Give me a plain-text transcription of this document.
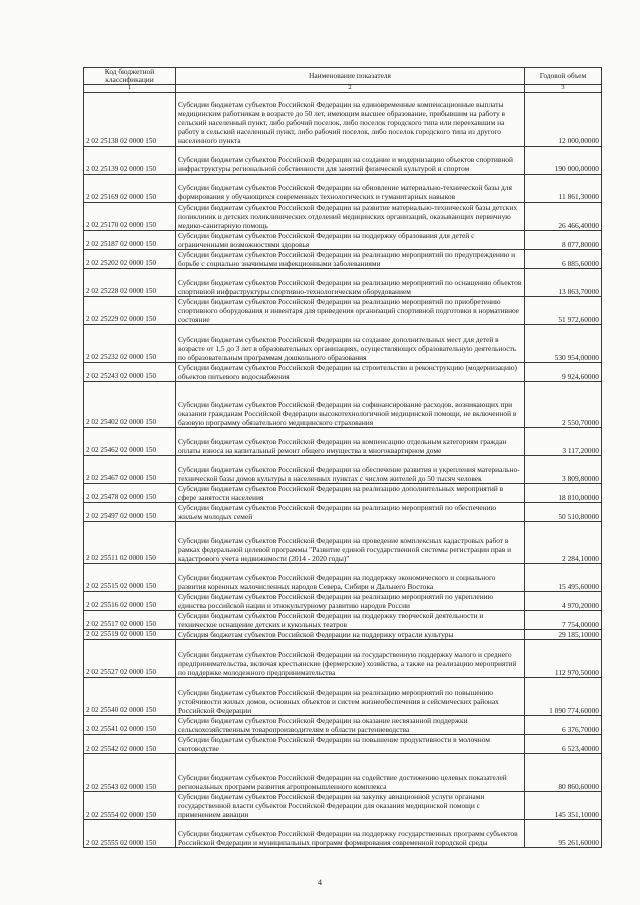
Код бюджетной классификации	Наименование показателя	Годовой объем
1	2	3
2 02 25138 02 0000 150	Субсидии бюджетам субъектов Российской Федерации на единовременные компенсационные выплаты медицинским работникам в возрасте до 50 лет, имеющим высшее образование, прибывшим на работу в сельский населенный пункт, либо рабочий поселок, либо поселок городского типа или переехавшим на работу в сельский населенный пункт, либо рабочий поселок, либо поселок городского типа из другого населенного пункта	12 000,00000
2 02 25139 02 0000 150	Субсидии бюджетам субъектов Российской Федерации на создание и модернизацию объектов спортивной инфраструктуры региональной собственности для занятий физической культурой и спортом	190 000,00000
2 02 25169 02 0000 150	Субсидии бюджетам субъектов Российской Федерации на обновление материально-технической базы для формирования у обучающихся современных технологических и гуманитарных навыков	11 861,30000
2 02 25170 02 0000 150	Субсидии бюджетам субъектов Российской Федерации на развитие материально-технической базы детских поликлиник и детских поликлинических отделений медицинских организаций, оказывающих первичную медико-санитарную помощь	26 466,40000
2 02 25187 02 0000 150	Субсидии бюджетам субъектов Российской Федерации на поддержку образования для детей с ограниченными возможностями здоровья	8 077,80000
2 02 25202 02 0000 150	Субсидии бюджетам субъектов Российской Федерации на реализацию мероприятий по предупреждению и борьбе с социально значимыми инфекционными заболеваниями	6 885,60000
2 02 25228 02 0000 150	Субсидии бюджетам субъектов Российской Федерации на реализацию мероприятий по оснащению объектов спортивной инфраструктуры спортивно-технологическим оборудованием	13 863,70000
2 02 25229 02 0000 150	Субсидии бюджетам субъектов Российской Федерации на реализацию мероприятий по приобретению спортивного оборудования и инвентаря для приведения организаций спортивной подготовки в нормативное состояние	51 972,60000
2 02 25232 02 0000 150	Субсидии бюджетам субъектов Российской Федерации на создание дополнительных мест для детей в возрасте от 1,5 до 3 лет в образовательных организациях, осуществляющих образовательную деятельность по образовательным программам дошкольного образования	530 954,00000
2 02 25243 02 0000 150	Субсидии бюджетам субъектов Российской Федерации на строительство и реконструкцию (модернизацию) объектов питьевого водоснабжения	9 924,60000
2 02 25402 02 0000 150	Субсидии бюджетам субъектов Российской Федерации на софинансирование расходов, возникающих при оказании гражданам Российской Федерации высокотехнологичной медицинской помощи, не включенной в базовую программу обязательного медицинского страхования	2 550,70000
2 02 25462 02 0000 150	Субсидии бюджетам субъектов Российской Федерации на компенсацию отдельным категориям граждан оплаты взноса на капитальный ремонт общего имущества в многоквартирном доме	3 117,20000
2 02 25467 02 0000 150	Субсидии бюджетам субъектов Российской Федерации на обеспечение развития и укрепления материально-технической базы домов культуры в населенных пунктах с числом жителей до 50 тысяч человек	3 809,80000
2 02 25478 02 0000 150	Субсидии бюджетам субъектов Российской Федерации на реализацию дополнительных мероприятий в сфере занятости населения	18 810,00000
2 02 25497 02 0000 150	Субсидии бюджетам субъектов Российской Федерации на реализацию мероприятий по обеспечению жильем молодых семей	50 510,80000
2 02 25511 02 0000 150	Субсидии бюджетам субъектов Российской Федерации на проведение комплексных кадастровых работ в рамках федеральной целевой программы "Развитие единой государственной системы регистрации прав и кадастрового учета недвижимости (2014 - 2020 годы)"	2 284,10000
2 02 25515 02 0000 150	Субсидии бюджетам субъектов Российской Федерации на поддержку экономического и социального развития коренных малочисленных народов Севера, Сибири и Дальнего Востока	15 495,60000
2 02 25516 02 0000 150	Субсидии бюджетам субъектов Российской Федерации на реализацию мероприятий по укреплению единства российской нации и этнокультурному развитию народов России	4 970,20000
2 02 25517 02 0000 150	Субсидии бюджетам субъектов Российской Федерации на поддержку творческой деятельности и техническое оснащение детских и кукольных театров	7 754,00000
2 02 25519 02 0000 150	Субсидия бюджетам субъектов Российской Федерации на поддержку отрасли культуры	29 185,10000
2 02 25527 02 0000 150	Субсидии бюджетам субъектов Российской Федерации на государственную поддержку малого и среднего предпринимательства, включая крестьянские (фермерские) хозяйства, а также на реализацию мероприятий по поддержке молодежного предпринимательства	112 970,50000
2 02 25540 02 0000 150	Субсидии бюджетам субъектов Российской Федерации на реализацию мероприятий по повышению устойчивости жилых домов, основных объектов и систем жизнеобеспечения в сейсмических районах Российской Федерации	1 090 774,60000
2 02 25541 02 0000 150	Субсидии бюджетам субъектов Российской Федерации на оказание несвязанной поддержки сельскохозяйственным товаропроизводителям в области растениеводства	6 376,70000
2 02 25542 02 0000 150	Субсидии бюджетам субъектов Российской Федерации на повышение продуктивности в молочном скотоводстве	6 523,40000
2 02 25543 02 0000 150	Субсидии бюджетам субъектов Российской Федерации на содействие достижению целевых показателей региональных программ развития агропромышленного комплекса	80 860,60000
2 02 25554 02 0000 150	Субсидии бюджетам субъектов Российской Федерации на закупку авиационной услуги органами государственной власти субъектов Российской Федерации для оказания медицинской помощи с применением авиации	145 351,10000
2 02 25555 02 0000 150	Субсидии бюджетам субъектов Российской Федерации на поддержку государственных программ субъектов Российской Федерации и муниципальных программ формирования современной городской среды	95 261,60000
4
